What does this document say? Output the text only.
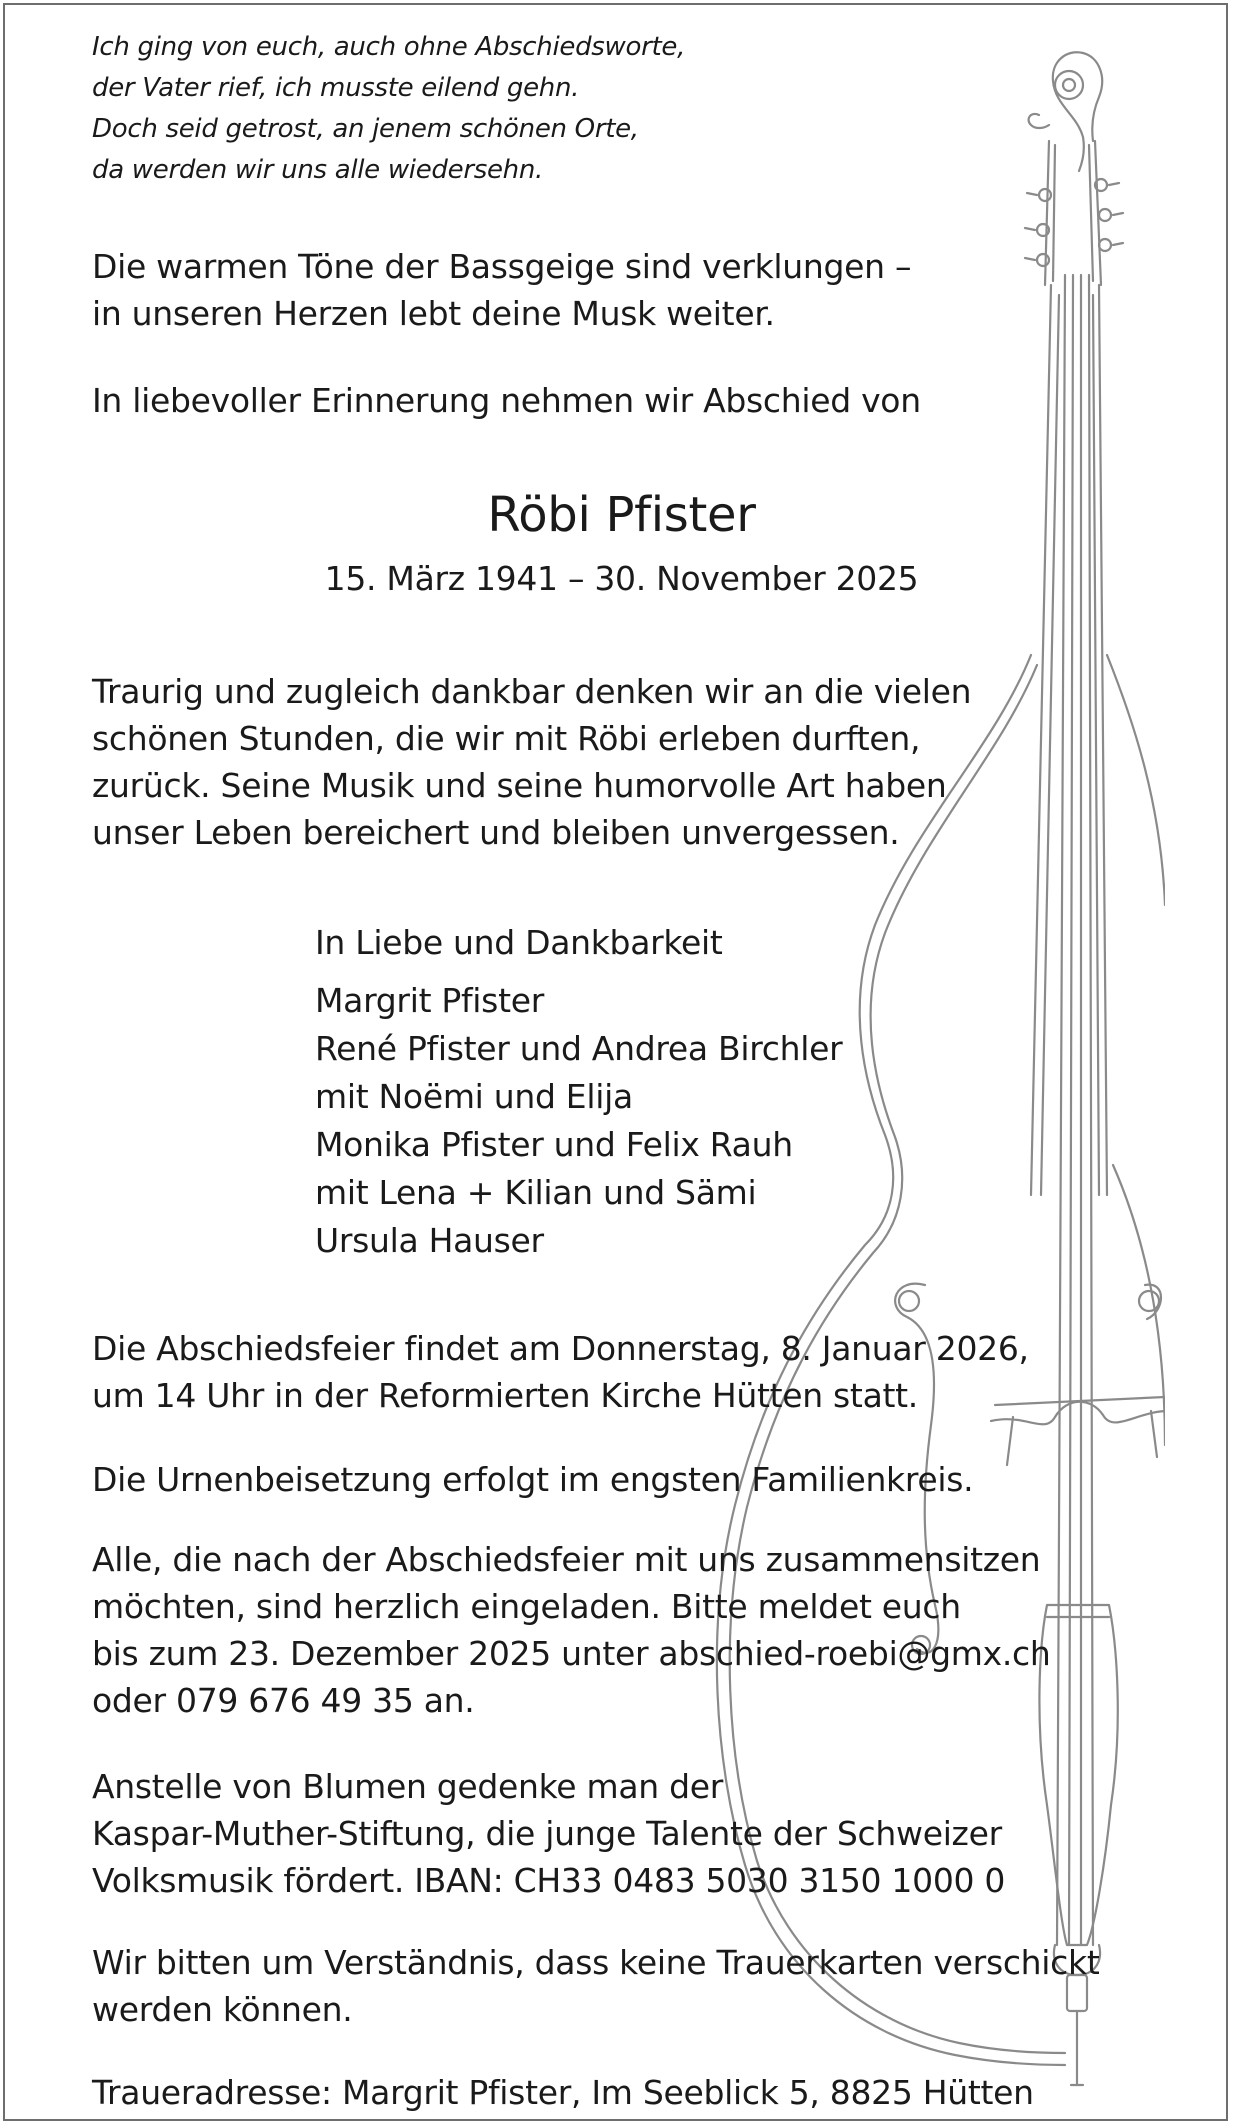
Ich ging von euch, auch ohne Abschiedsworte,
der Vater rief, ich musste eilend gehn.
Doch seid getrost, an jenem schönen Orte,
da werden wir uns alle wiedersehn.

Die warmen Töne der Bassgeige sind verklungen –
in unseren Herzen lebt deine Musk weiter.

In liebevoller Erinnerung nehmen wir Abschied von

Röbi Pfister

15. März 1941 – 30. November 2025

Traurig und zugleich dankbar denken wir an die vielen
schönen Stunden, die wir mit Röbi erleben durften,
zurück. Seine Musik und seine humorvolle Art haben
unser Leben bereichert und bleiben unvergessen.

In Liebe und Dankbarkeit

Margrit Pfister
René Pfister und Andrea Birchler
mit Noëmi und Elija
Monika Pfister und Felix Rauh
mit Lena + Kilian und Sämi
Ursula Hauser

Die Abschiedsfeier findet am Donnerstag, 8. Januar 2026,
um 14 Uhr in der Reformierten Kirche Hütten statt.

Die Urnenbeisetzung erfolgt im engsten Familienkreis.

Alle, die nach der Abschiedsfeier mit uns zusammensitzen
möchten, sind herzlich eingeladen. Bitte meldet euch
bis zum 23. Dezember 2025 unter abschied-roebi@gmx.ch
oder 079 676 49 35 an.

Anstelle von Blumen gedenke man der
Kaspar-Muther-Stiftung, die junge Talente der Schweizer
Volksmusik fördert. IBAN: CH33 0483 5030 3150 1000 0

Wir bitten um Verständnis, dass keine Trauerkarten verschickt
werden können.

Traueradresse: Margrit Pfister, Im Seeblick 5, 8825 Hütten
